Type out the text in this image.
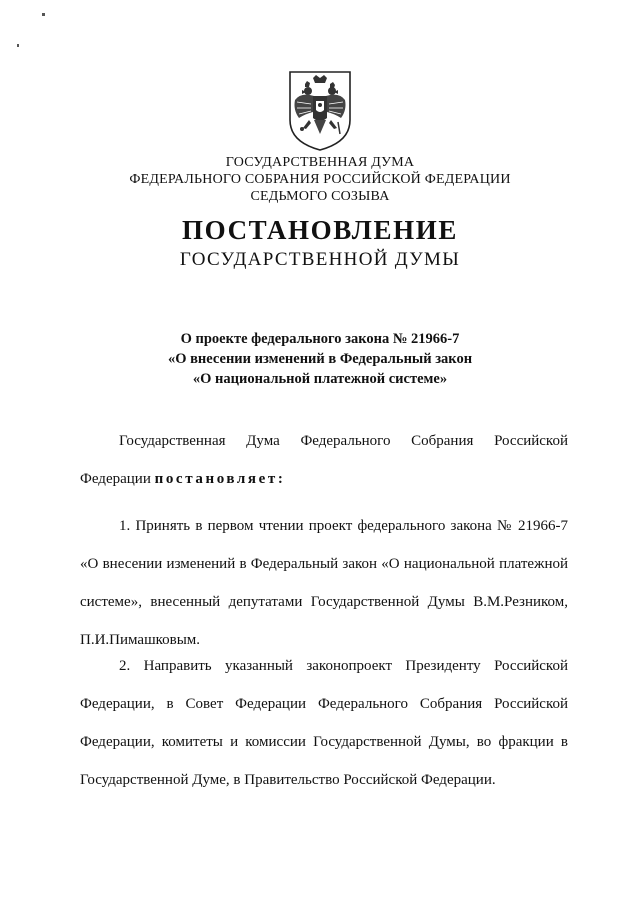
ГОСУДАРСТВЕННАЯ ДУМА
ФЕДЕРАЛЬНОГО СОБРАНИЯ РОССИЙСКОЙ ФЕДЕРАЦИИ
СЕДЬМОГО СОЗЫВА
ПОСТАНОВЛЕНИЕ
ГОСУДАРСТВЕННОЙ ДУМЫ
О проекте федерального закона № 21966-7
«О внесении изменений в Федеральный закон
«О национальной платежной системе»
Государственная Дума Федерального Собрания Российской
Федерации постановляет:
1. Принять в первом чтении проект федерального закона № 21966-7
«О внесении изменений в Федеральный закон «О национальной платежной
системе», внесенный депутатами Государственной Думы В.М.Резником,
П.И.Пимашковым.
2. Направить указанный законопроект Президенту Российской
Федерации, в Совет Федерации Федерального Собрания Российской
Федерации, комитеты и комиссии Государственной Думы, во фракции в
Государственной Думе, в Правительство Российской Федерации.
